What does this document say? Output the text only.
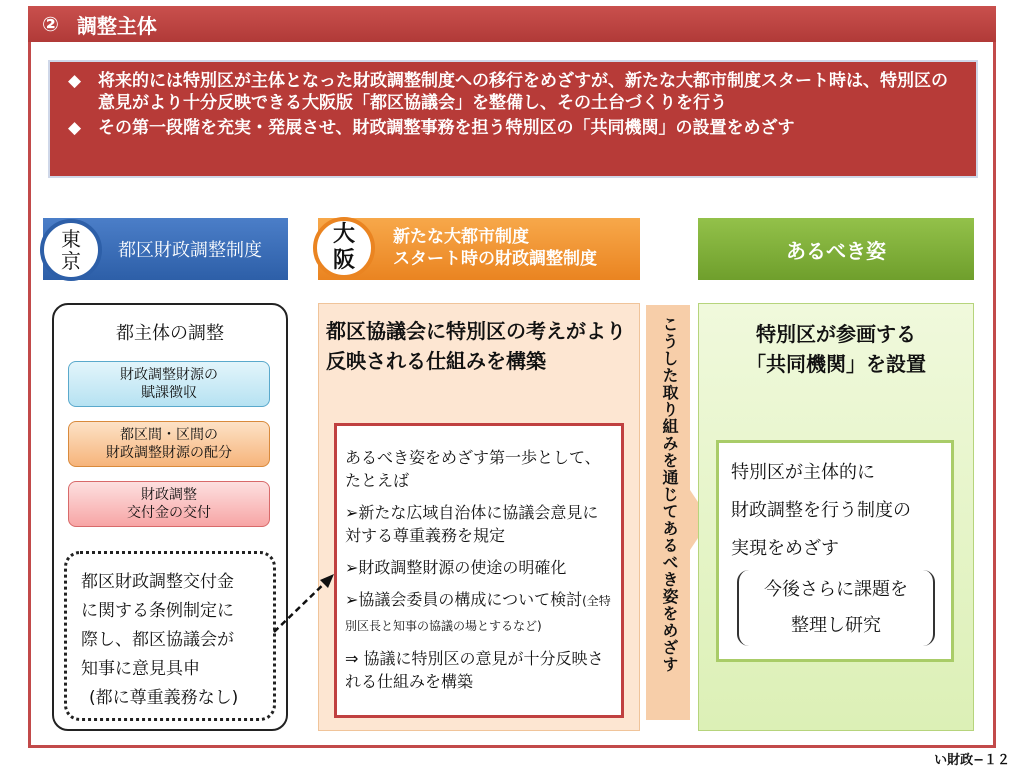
② 調整主体
◆ 将来的には特別区が主体となった財政調整制度への移行をめざすが、新たな大都市制度スタート時は、特別区の意見がより十分反映できる大阪版「都区協議会」を整備し、その土台づくりを行う
◆ その第一段階を充実・発展させ、財政調整事務を担う特別区の「共同機関」の設置をめざす
都区財政調整制度
東
京
新たな大都市制度
スタート時の財政調整制度
大
阪	あるべき姿
都主体の調整
財政調整財源の
賦課徴収
都区間・区間の
財政調整財源の配分
財政調整
交付金の交付
都区財政調整交付金
に関する条例制定に
際し、都区協議会が
知事に意見具申
(都に尊重義務なし)
都区協議会に特別区の考えがより反映される仕組みを構築

あるべき姿をめざす第一歩として、たとえば

➢新たな広域自治体に協議会意見に対する尊重義務を規定

➢財政調整財源の使途の明確化

➢協議会委員の構成について検討(全特別区長と知事の協議の場とするなど)

⇒ 協議に特別区の意見が十分反映される仕組みを構築

こうした取り組みを通じてあるべき姿をめざす	特別区が参画する
「共同機関」を設置
特別区が主体的に
財政調整を行う制度の
実現をめざす
今後さらに課題を
整理し研究
い財政−１２
